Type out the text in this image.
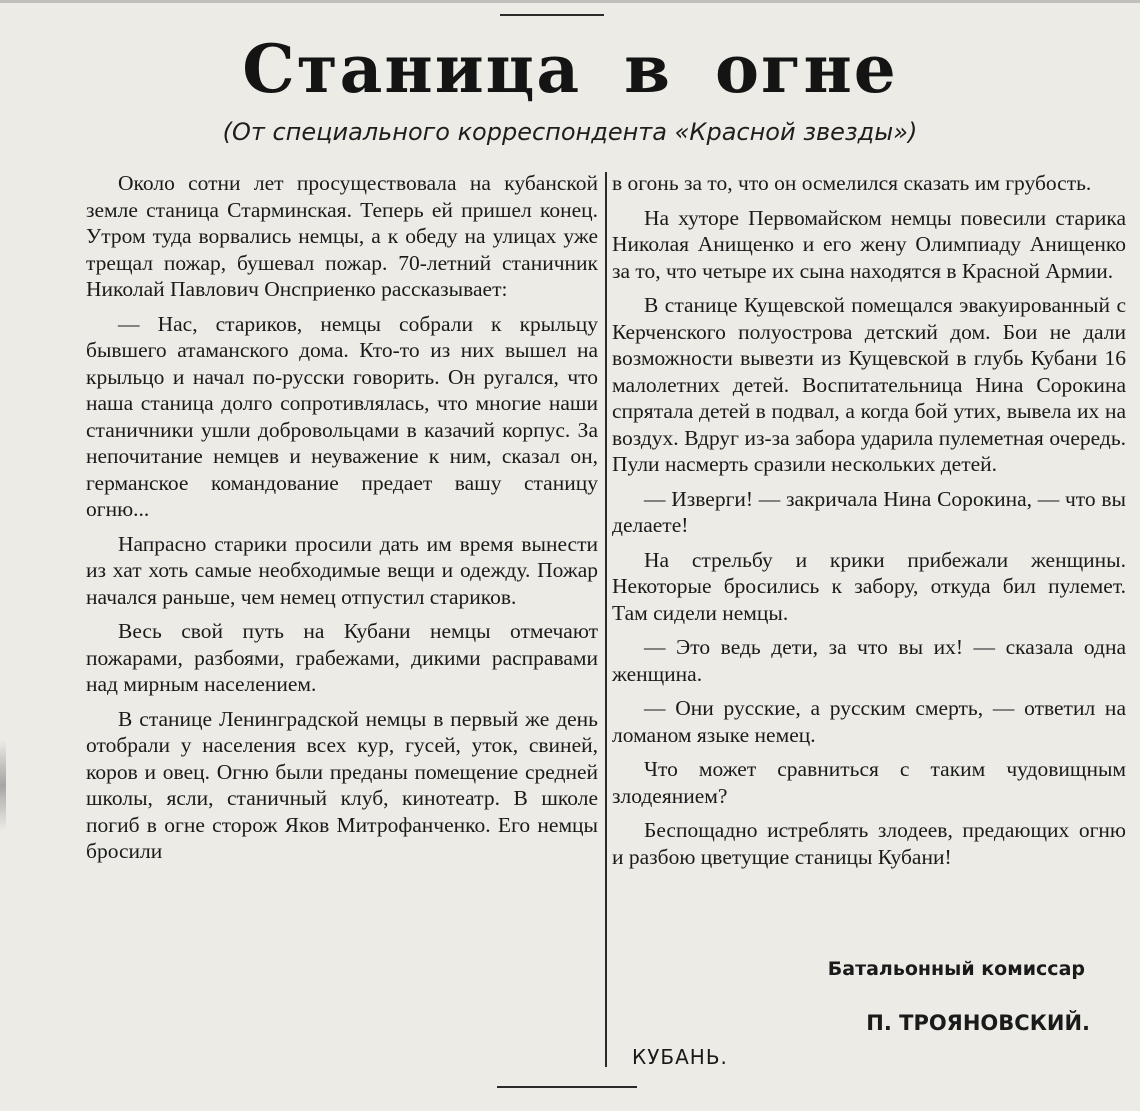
Станица в огне
(От специального корреспондента «Красной звезды»)

Около сотни лет просуществовала на кубанской земле станица Старминская. Теперь ей пришел конец. Утром туда ворвались немцы, а к обеду на улицах уже трещал пожар, бушевал пожар. 70-летний станичник Николай Павлович Онсприенко рассказывает:

— Нас, стариков, немцы собрали к крыльцу бывшего атаманского дома. Кто-то из них вышел на крыльцо и начал по-русски говорить. Он ругался, что наша станица долго сопротивлялась, что многие наши станичники ушли добровольцами в казачий корпус. За непочитание немцев и неуважение к ним, сказал он, германское командование предает вашу станицу огню...

Напрасно старики просили дать им время вынести из хат хоть самые необходимые вещи и одежду. Пожар начался раньше, чем немец отпустил стариков.

Весь свой путь на Кубани немцы отмечают пожарами, разбоями, грабежами, дикими расправами над мирным населением.

В станице Ленинградской немцы в первый же день отобрали у населения всех кур, гусей, уток, свиней, коров и овец. Огню были преданы помещение средней школы, ясли, станичный клуб, кинотеатр. В школе погиб в огне сторож Яков Митрофанченко. Его немцы бросили

в огонь за то, что он осмелился сказать им грубость.

На хуторе Первомайском немцы повесили старика Николая Анищенко и его жену Олимпиаду Анищенко за то, что четыре их сына находятся в Красной Армии.

В станице Кущевской помещался эвакуированный с Керченского полуострова детский дом. Бои не дали возможности вывезти из Кущевской в глубь Кубани 16 малолетних детей. Воспитательница Нина Сорокина спрятала детей в подвал, а когда бой утих, вывела их на воздух. Вдруг из-за забора ударила пулеметная очередь. Пули насмерть сразили нескольких детей.

— Изверги! — закричала Нина Сорокина, — что вы делаете!

На стрельбу и крики прибежали женщины. Некоторые бросились к забору, откуда бил пулемет. Там сидели немцы.

— Это ведь дети, за что вы их! — сказала одна женщина.

— Они русские, а русским смерть, — ответил на ломаном языке немец.

Что может сравниться с таким чудовищным злодеянием?

Беспощадно истреблять злодеев, предающих огню и разбою цветущие станицы Кубани!

Батальонный комиссар
П. ТРОЯНОВСКИЙ.
КУБАНЬ.
